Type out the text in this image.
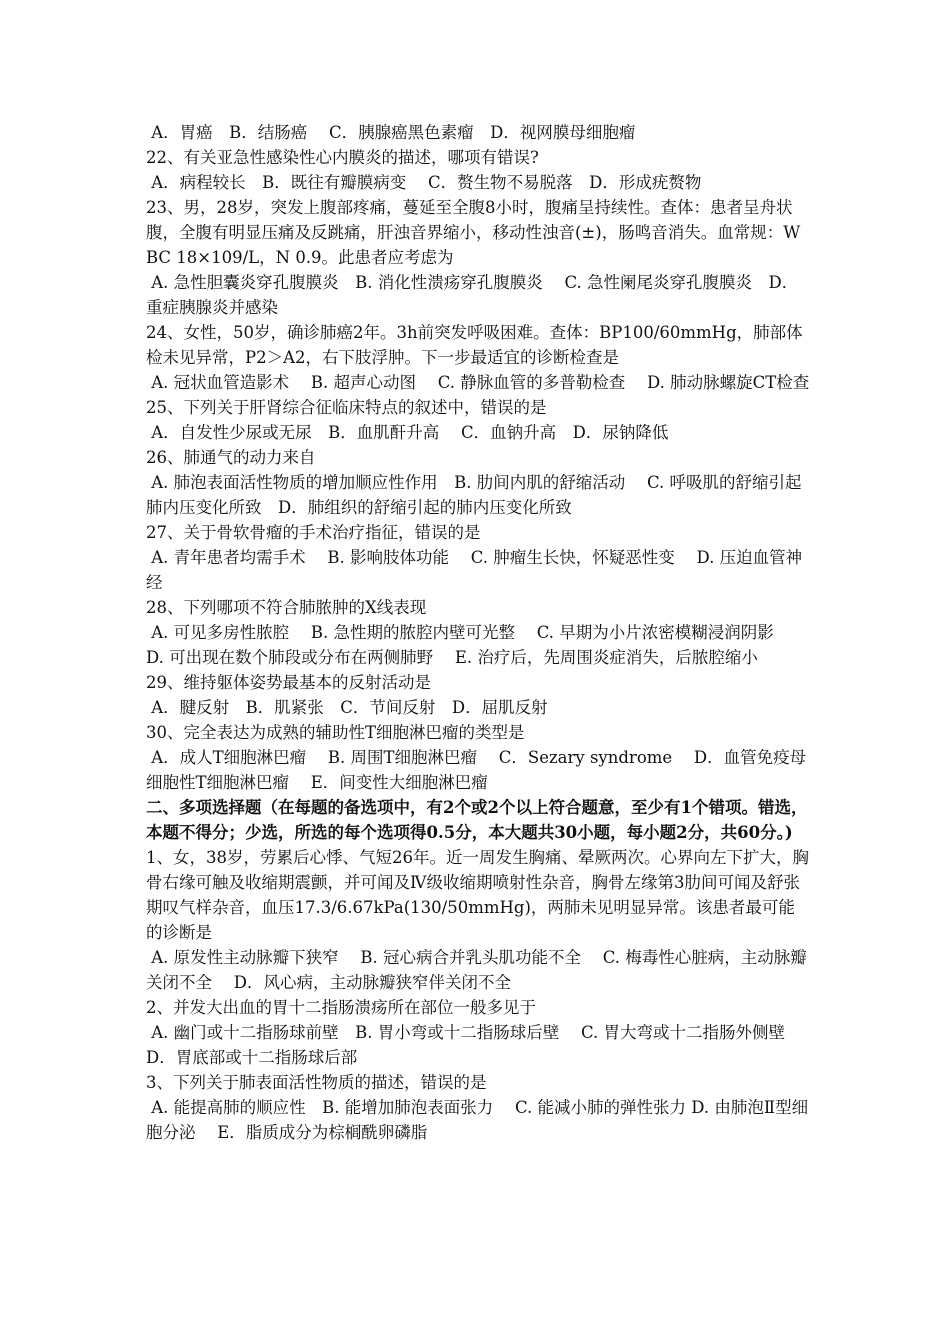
A．胃癌　B．结肠癌　 C．胰腺癌黑色素瘤　D．视网膜母细胞瘤
22、有关亚急性感染性心内膜炎的描述，哪项有错误?
A．病程较长　B．既往有瓣膜病变　 C．赘生物不易脱落　D．形成疣赘物
23、男，28岁，突发上腹部疼痛，蔓延至全腹8小时，腹痛呈持续性。查体：患者呈舟状腹，全腹有明显压痛及反跳痛，肝浊音界缩小，移动性浊音(±)，肠鸣音消失。血常规：WBC 18×109/L，N 0.9。此患者应考虑为
A. 急性胆囊炎穿孔腹膜炎　B. 消化性溃疡穿孔腹膜炎　 C. 急性阑尾炎穿孔腹膜炎　D．重症胰腺炎并感染
24、女性，50岁，确诊肺癌2年。3h前突发呼吸困难。查体：BP100/60mmHg，肺部体检未见异常，P2＞A2，右下肢浮肿。下一步最适宜的诊断检查是
A. 冠状血管造影术　 B. 超声心动图　 C. 静脉血管的多普勒检查　 D. 肺动脉螺旋CT检查
25、下列关于肝肾综合征临床特点的叙述中，错误的是
A．自发性少尿或无尿　B．血肌酐升高　 C．血钠升高　D．尿钠降低
26、肺通气的动力来自
A. 肺泡表面活性物质的增加顺应性作用　B. 肋间内肌的舒缩活动　 C. 呼吸肌的舒缩引起肺内压变化所致　D．肺组织的舒缩引起的肺内压变化所致
27、关于骨软骨瘤的手术治疗指征，错误的是
A. 青年患者均需手术　 B. 影响肢体功能　 C. 肿瘤生长快，怀疑恶性变　 D. 压迫血管神经
28、下列哪项不符合肺脓肿的X线表现
A. 可见多房性脓腔　 B. 急性期的脓腔内壁可光整　 C. 早期为小片浓密模糊浸润阴影　 D. 可出现在数个肺段或分布在两侧肺野　 E. 治疗后，先周围炎症消失，后脓腔缩小
29、维持躯体姿势最基本的反射活动是
A．腱反射　B．肌紧张　C．节间反射　D．屈肌反射
30、完全表达为成熟的辅助性T细胞淋巴瘤的类型是
A．成人T细胞淋巴瘤　 B. 周围T细胞淋巴瘤　 C．Sezary syndrome　 D．血管免疫母细胞性T细胞淋巴瘤　 E．间变性大细胞淋巴瘤
二、多项选择题（在每题的备选项中，有2个或2个以上符合题意，至少有1个错项。错选，本题不得分；少选，所选的每个选项得0.5分，本大题共30小题，每小题2分，共60分。)
1、女，38岁，劳累后心悸、气短26年。近一周发生胸痛、晕厥两次。心界向左下扩大，胸骨右缘可触及收缩期震颤，并可闻及Ⅳ级收缩期喷射性杂音，胸骨左缘第3肋间可闻及舒张期叹气样杂音，血压17.3/6.67kPa(130/50mmHg)，两肺未见明显异常。该患者最可能的诊断是
A. 原发性主动脉瓣下狭窄　 B. 冠心病合并乳头肌功能不全　 C. 梅毒性心脏病，主动脉瓣关闭不全　 D．风心病，主动脉瓣狭窄伴关闭不全
2、并发大出血的胃十二指肠溃疡所在部位一般多见于
A. 幽门或十二指肠球前壁　B. 胃小弯或十二指肠球后壁　 C. 胃大弯或十二指肠外侧壁　D．胃底部或十二指肠球后部
3、下列关于肺表面活性物质的描述，错误的是
A. 能提高肺的顺应性　B. 能增加肺泡表面张力　 C. 能减小肺的弹性张力 D. 由肺泡Ⅱ型细胞分泌　 E．脂质成分为棕榈酰卵磷脂
